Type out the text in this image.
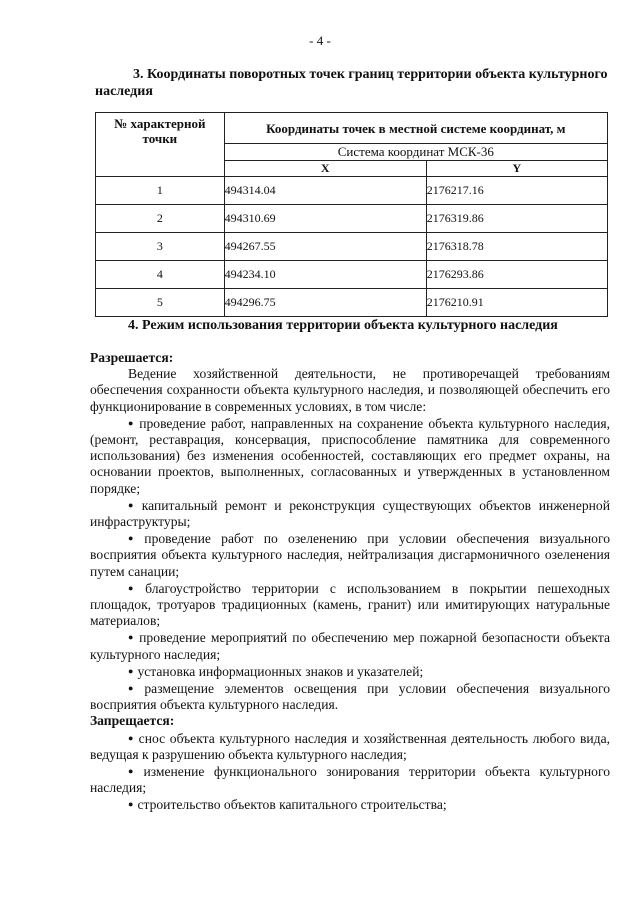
- 4 -
3. Координаты поворотных точек границ территории объекта культурного наследия
№ характерной точки	Координаты точек в местной системе координат, м	
	Система координат МСК-36	
	X	Y
1	494314.04	2176217.16
2	494310.69	2176319.86
3	494267.55	2176318.78
4	494234.10	2176293.86
5	494296.75	2176210.91
4. Режим использования территории объекта культурного наследия

Разрешается:

Ведение хозяйственной деятельности, не противоречащей требованиям обеспечения сохранности объекта культурного наследия, и позволяющей обеспечить его функционирование в современных условиях, в том числе:

● проведение работ, направленных на сохранение объекта культурного наследия, (ремонт, реставрация, консервация, приспособление памятника для современного использования) без изменения особенностей, составляющих его предмет охраны, на основании проектов, выполненных, согласованных и утвержденных в установленном порядке;

● капитальный ремонт и реконструкция существующих объектов инженерной инфраструктуры;

● проведение работ по озеленению при условии обеспечения визуального восприятия объекта культурного наследия, нейтрализация дисгармоничного озеленения путем санации;

● благоустройство территории с использованием в покрытии пешеходных площадок, тротуаров традиционных (камень, гранит) или имитирующих натуральные материалов;

● проведение мероприятий по обеспечению мер пожарной безопасности объекта культурного наследия;

● установка информационных знаков и указателей;

● размещение элементов освещения при условии обеспечения визуального восприятия объекта культурного наследия.

Запрещается:

● снос объекта культурного наследия и хозяйственная деятельность любого вида, ведущая к разрушению объекта культурного наследия;

● изменение функционального зонирования территории объекта культурного наследия;

● строительство объектов капитального строительства;
